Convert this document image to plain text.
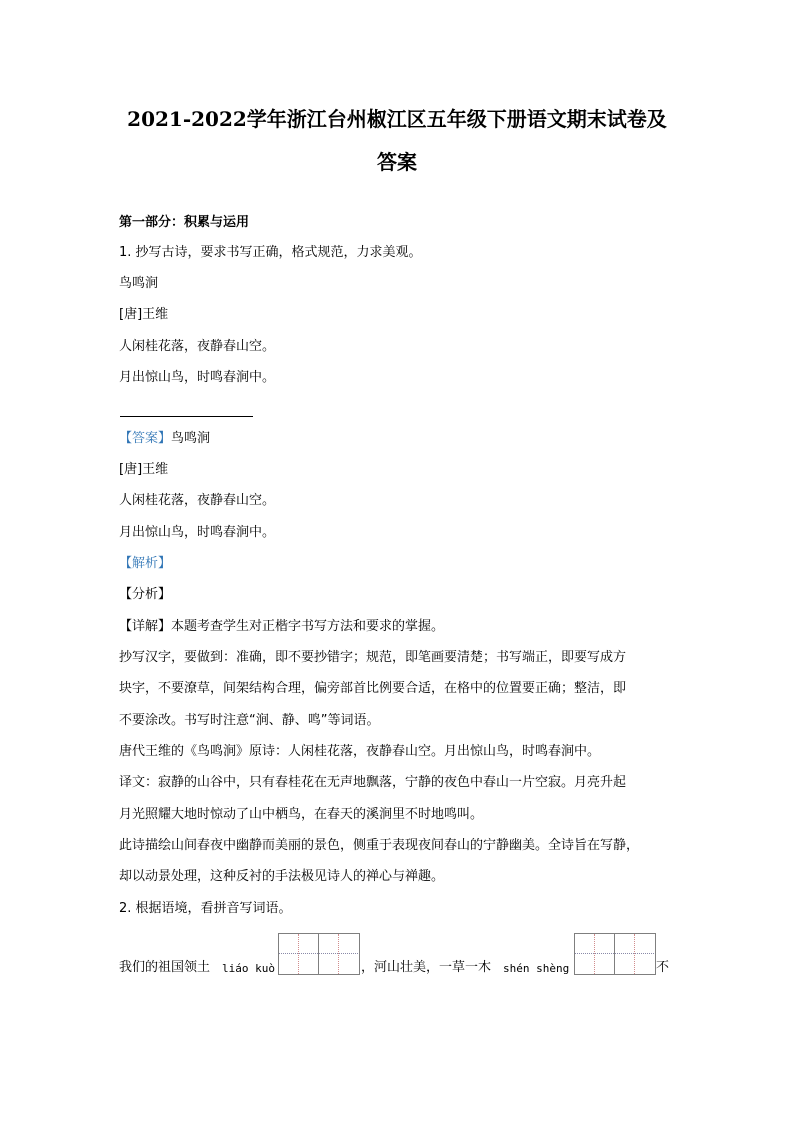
2021-2022学年浙江台州椒江区五年级下册语文期末试卷及
答案
第一部分：积累与运用
1. 抄写古诗，要求书写正确，格式规范，力求美观。
鸟鸣涧
[唐]王维
人闲桂花落，夜静春山空。
月出惊山鸟，时鸣春涧中。
【答案】鸟鸣涧
[唐]王维
人闲桂花落，夜静春山空。
月出惊山鸟，时鸣春涧中。
【解析】
【分析】
【详解】本题考查学生对正楷字书写方法和要求的掌握。
抄写汉字，要做到：准确，即不要抄错字；规范，即笔画要清楚；书写端正，即要写成方
块字，不要潦草，间架结构合理，偏旁部首比例要合适，在格中的位置要正确；整洁，即
不要涂改。书写时注意“涧、静、鸣”等词语。
唐代王维的《鸟鸣涧》原诗：人闲桂花落，夜静春山空。月出惊山鸟，时鸣春涧中。
译文：寂静的山谷中，只有春桂花在无声地飘落，宁静的夜色中春山一片空寂。月亮升起
月光照耀大地时惊动了山中栖鸟，在春天的溪涧里不时地鸣叫。
此诗描绘山间春夜中幽静而美丽的景色，侧重于表现夜间春山的宁静幽美。全诗旨在写静，
却以动景处理，这种反衬的手法极见诗人的禅心与禅趣。
2. 根据语境，看拼音写词语。
我们的祖国领土 liáo kuò	，河山壮美，一草一木 shén shèng	不
